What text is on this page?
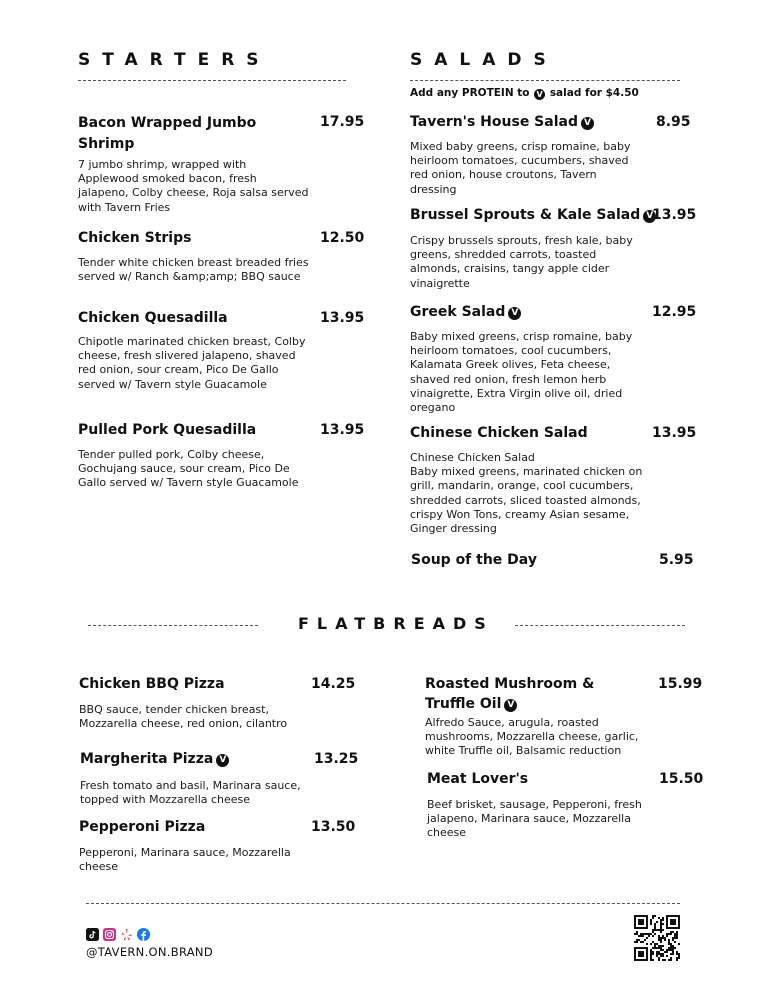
STARTERS
Bacon Wrapped Jumbo Shrimp
17.95
7 jumbo shrimp, wrapped with Applewood smoked bacon, fresh jalapeno, Colby cheese, Roja salsa served with Tavern Fries
Chicken Strips	12.50
Tender white chicken breast breaded fries served w/ Ranch &amp;amp; BBQ sauce
Chicken Quesadilla	13.95
Chipotle marinated chicken breast, Colby cheese, fresh slivered jalapeno, shaved red onion, sour cream, Pico De Gallo served w/ Tavern style Guacamole
Pulled Pork Quesadilla	13.95
Tender pulled pork, Colby cheese, Gochujang sauce, sour cream, Pico De Gallo served w/ Tavern style Guacamole
SALADS
Add any PROTEIN to V salad for $4.50
Tavern's House Salad V	8.95
Mixed baby greens, crisp romaine, baby heirloom tomatoes, cucumbers, shaved red onion, house croutons, Tavern dressing
Brussel Sprouts & Kale Salad V
13.95
Crispy brussels sprouts, fresh kale, baby greens, shredded carrots, toasted almonds, craisins, tangy apple cider vinaigrette
Greek Salad V	12.95
Baby mixed greens, crisp romaine, baby heirloom tomatoes, cool cucumbers, Kalamata Greek olives, Feta cheese, shaved red onion, fresh lemon herb vinaigrette, Extra Virgin olive oil, dried oregano
Chinese Chicken Salad	13.95
Chinese Chicken Salad
Baby mixed greens, marinated chicken on grill, mandarin, orange, cool cucumbers, shredded carrots, sliced toasted almonds, crispy Won Tons, creamy Asian sesame, Ginger dressing
Soup of the Day	5.95
FLATBREADS
Chicken BBQ Pizza	14.25
BBQ sauce, tender chicken breast, Mozzarella cheese, red onion, cilantro
Margherita Pizza V	13.25
Fresh tomato and basil, Marinara sauce, topped with Mozzarella cheese
Pepperoni Pizza	13.50
Pepperoni, Marinara sauce, Mozzarella cheese
Roasted Mushroom & Truffle Oil V
15.99
Alfredo Sauce, arugula, roasted mushrooms, Mozzarella cheese, garlic, white Truffle oil, Balsamic reduction
Meat Lover's	15.50
Beef brisket, sausage, Pepperoni, fresh jalapeno, Marinara sauce, Mozzarella cheese
@TAVERN.ON.BRAND
